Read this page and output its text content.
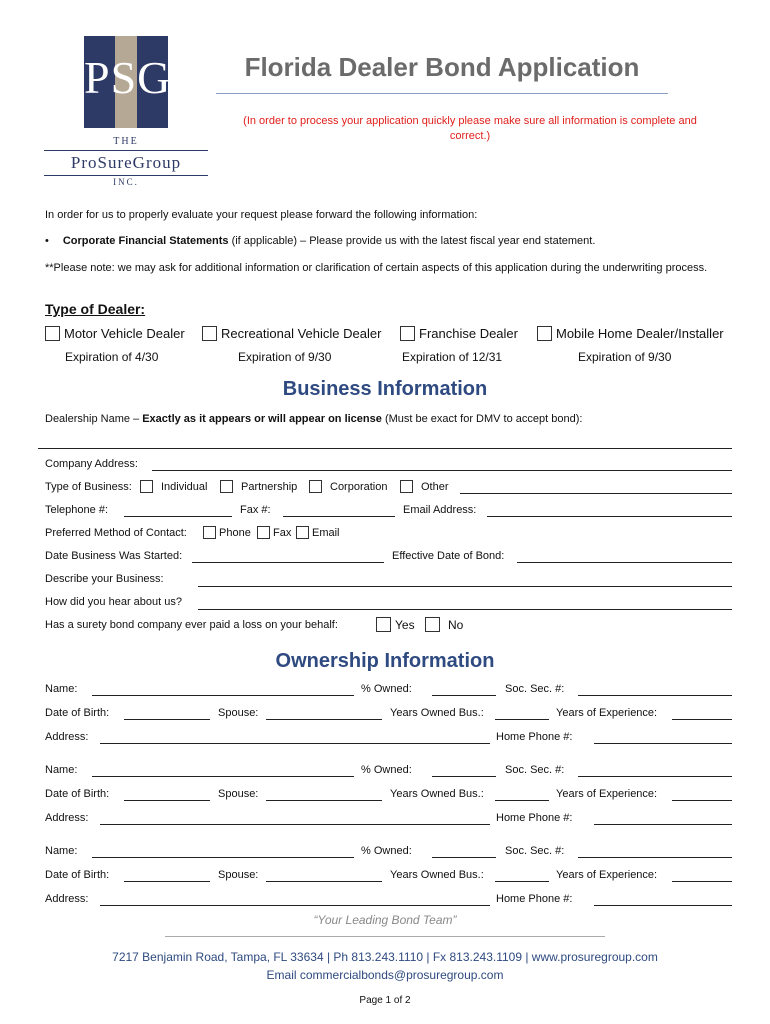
PSG
THE
ProSureGroup
INC.
Florida Dealer Bond Application
(In order to process your application quickly please make sure all information is complete and correct.)
In order for us to properly evaluate your request please forward the following information:
• Corporate Financial Statements (if applicable) – Please provide us with the latest fiscal year end statement.
**Please note: we may ask for additional information or clarification of certain aspects of this application during the underwriting process.
Type of Dealer:
Motor Vehicle Dealer	Recreational Vehicle Dealer	Franchise Dealer	Mobile Home Dealer/Installer
Expiration of 4/30	Expiration of 9/30	Expiration of 12/31	Expiration of 9/30
Business Information
Dealership Name – Exactly as it appears or will appear on license (Must be exact for DMV to accept bond):
Company Address:
Type of Business:	Individual	Partnership	Corporation	Other
Telephone #:	Fax #:	Email Address:
Preferred Method of Contact:	Phone Fax Email
Date Business Was Started:	Effective Date of Bond:
Describe your Business:
How did you hear about us?
Has a surety bond company ever paid a loss on your behalf:	Yes	No
Ownership Information
Name:	% Owned:	Soc. Sec. #:
Date of Birth:	Spouse:	Years Owned Bus.:	Years of Experience:
Address:	Home Phone #:
Name:	% Owned:	Soc. Sec. #:
Date of Birth:	Spouse:	Years Owned Bus.:	Years of Experience:
Address:	Home Phone #:
Name:	% Owned:	Soc. Sec. #:
Date of Birth:	Spouse:	Years Owned Bus.:	Years of Experience:
Address:	Home Phone #:
“Your Leading Bond Team”
7217 Benjamin Road, Tampa, FL 33634 | Ph 813.243.1110 | Fx 813.243.1109 | www.prosuregroup.com
Email commercialbonds@prosuregroup.com
Page 1 of 2
